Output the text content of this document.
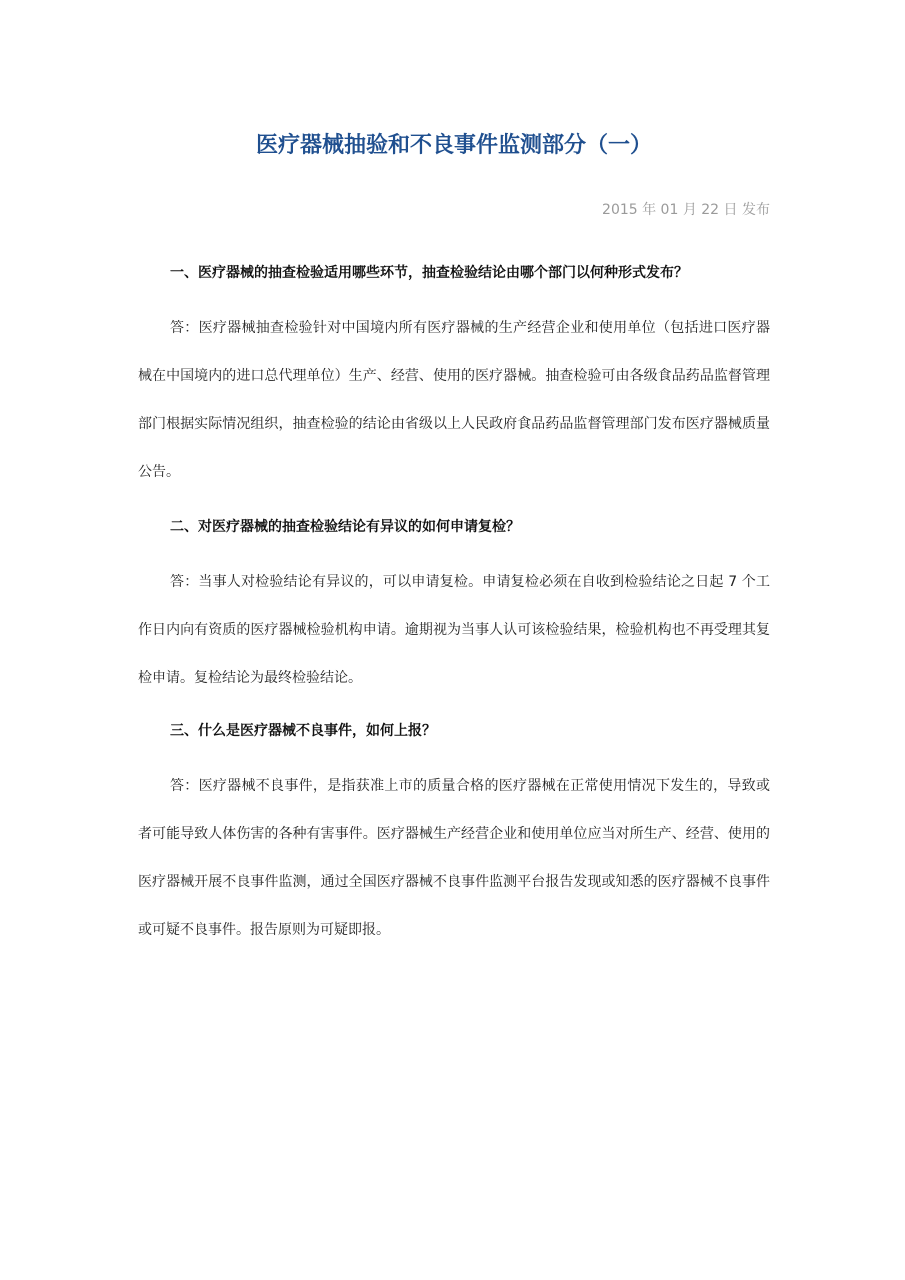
医疗器械抽验和不良事件监测部分（一）
2015 年 01 月 22 日 发布
一、医疗器械的抽查检验适用哪些环节，抽查检验结论由哪个部门以何种形式发布？
答：医疗器械抽查检验针对中国境内所有医疗器械的生产经营企业和使用单位（包括进口医疗器械在中国境内的进口总代理单位）生产、经营、使用的医疗器械。抽查检验可由各级食品药品监督管理部门根据实际情况组织，抽查检验的结论由省级以上人民政府食品药品监督管理部门发布医疗器械质量公告。
二、对医疗器械的抽查检验结论有异议的如何申请复检？
答：当事人对检验结论有异议的，可以申请复检。申请复检必须在自收到检验结论之日起 7 个工作日内向有资质的医疗器械检验机构申请。逾期视为当事人认可该检验结果，检验机构也不再受理其复检申请。复检结论为最终检验结论。
三、什么是医疗器械不良事件，如何上报？
答：医疗器械不良事件，是指获准上市的质量合格的医疗器械在正常使用情况下发生的，导致或者可能导致人体伤害的各种有害事件。医疗器械生产经营企业和使用单位应当对所生产、经营、使用的医疗器械开展不良事件监测，通过全国医疗器械不良事件监测平台报告发现或知悉的医疗器械不良事件或可疑不良事件。报告原则为可疑即报。
